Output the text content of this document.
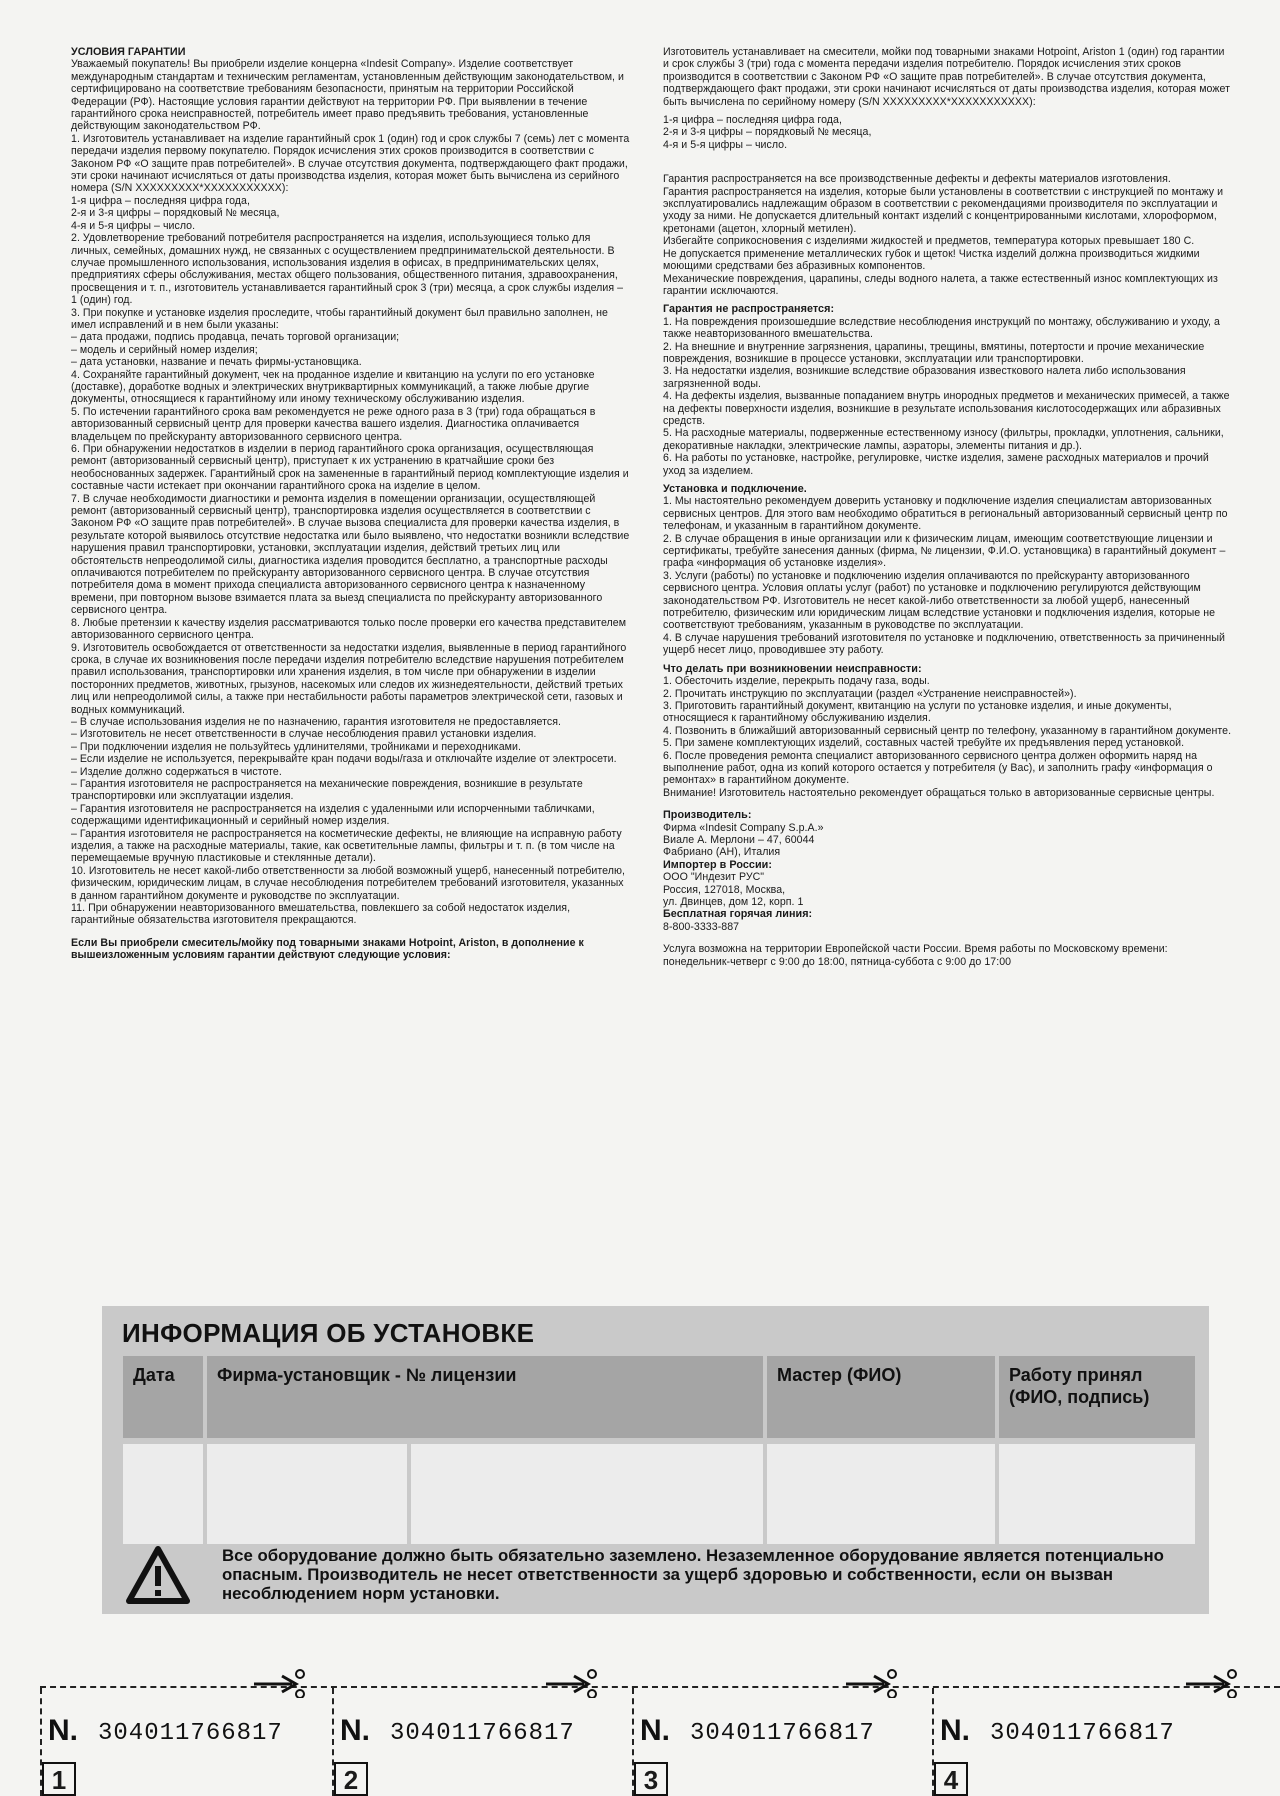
УСЛОВИЯ ГАРАНТИИ

Уважаемый покупатель! Вы приобрели изделие концерна «Indesit Company». Изделие соответствует международным стандартам и техническим регламентам, установленным действующим законодательством, и сертифицировано на соответствие требованиям безопасности, принятым на территории Российской Федерации (РФ). Настоящие условия гарантии действуют на территории РФ. При выявлении в течение гарантийного срока неисправностей, потребитель имеет право предъявить требования, установленные действующим законодательством РФ.

1. Изготовитель устанавливает на изделие гарантийный срок 1 (один) год и срок службы 7 (семь) лет с момента передачи изделия первому покупателю. Порядок исчисления этих сроков производится в соответствии с Законом РФ «О защите прав потребителей». В случае отсутствия документа, подтверждающего факт продажи, эти сроки начинают исчисляться от даты производства изделия, которая может быть вычислена из серийного номера (S/N XXXXXXXXX*XXXXXXXXXXX):
1-я цифра – последняя цифра года,
2-я и 3-я цифры – порядковый № месяца,
4-я и 5-я цифры – число.

2. Удовлетворение требований потребителя распространяется на изделия, использующиеся только для личных, семейных, домашних нужд, не связанных с осуществлением предпринимательской деятельности. В случае промышленного использования, использования изделия в офисах, в предпринимательских целях, предприятиях сферы обслуживания, местах общего пользования, общественного питания, здравоохранения, просвещения и т. п., изготовитель устанавливается гарантийный срок 3 (три) месяца, а срок службы изделия – 1 (один) год.

3. При покупке и установке изделия проследите, чтобы гарантийный документ был правильно заполнен, не имел исправлений и в нем были указаны:
– дата продажи, подпись продавца, печать торговой организации;
– модель и серийный номер изделия;
– дата установки, название и печать фирмы-установщика.

4. Сохраняйте гарантийный документ, чек на проданное изделие и квитанцию на услуги по его установке (доставке), доработке водных и электрических внутриквартирных коммуникаций, а также любые другие документы, относящиеся к гарантийному или иному техническому обслуживанию изделия.

5. По истечении гарантийного срока вам рекомендуется не реже одного раза в 3 (три) года обращаться в авторизованный сервисный центр для проверки качества вашего изделия. Диагностика оплачивается владельцем по прейскуранту авторизованного сервисного центра.

6. При обнаружении недостатков в изделии в период гарантийного срока организация, осуществляющая ремонт (авторизованный сервисный центр), приступает к их устранению в кратчайшие сроки без необоснованных задержек. Гарантийный срок на замененные в гарантийный период комплектующие изделия и составные части истекает при окончании гарантийного срока на изделие в целом.

7. В случае необходимости диагностики и ремонта изделия в помещении организации, осуществляющей ремонт (авторизованный сервисный центр), транспортировка изделия осуществляется в соответствии с Законом РФ «О защите прав потребителей». В случае вызова специалиста для проверки качества изделия, в результате которой выявилось отсутствие недостатка или было выявлено, что недостатки возникли вследствие нарушения правил транспортировки, установки, эксплуатации изделия, действий третьих лиц или обстоятельств непреодолимой силы, диагностика изделия проводится бесплатно, а транспортные расходы оплачиваются потребителем по прейскуранту авторизованного сервисного центра. В случае отсутствия потребителя дома в момент прихода специалиста авторизованного сервисного центра к назначенному времени, при повторном вызове взимается плата за выезд специалиста по прейскуранту авторизованного сервисного центра.

8. Любые претензии к качеству изделия рассматриваются только после проверки его качества представителем авторизованного сервисного центра.

9. Изготовитель освобождается от ответственности за недостатки изделия, выявленные в период гарантийного срока, в случае их возникновения после передачи изделия потребителю вследствие нарушения потребителем правил использования, транспортировки или хранения изделия, в том числе при обнаружении в изделии посторонних предметов, животных, грызунов, насекомых или следов их жизнедеятельности, действий третьих лиц или непреодолимой силы, а также при нестабильности работы параметров электрической сети, газовых и водных коммуникаций.
– В случае использования изделия не по назначению, гарантия изготовителя не предоставляется.
– Изготовитель не несет ответственности в случае несоблюдения правил установки изделия.
– При подключении изделия не пользуйтесь удлинителями, тройниками и переходниками.
– Если изделие не используется, перекрывайте кран подачи воды/газа и отключайте изделие от электросети.
– Изделие должно содержаться в чистоте.
– Гарантия изготовителя не распространяется на механические повреждения, возникшие в результате транспортировки или эксплуатации изделия.
– Гарантия изготовителя не распространяется на изделия с удаленными или испорченными табличками, содержащими идентификационный и серийный номер изделия.
– Гарантия изготовителя не распространяется на косметические дефекты, не влияющие на исправную работу изделия, а также на расходные материалы, такие, как осветительные лампы, фильтры и т. п. (в том числе на перемещаемые вручную пластиковые и стеклянные детали).

10. Изготовитель не несет какой-либо ответственности за любой возможный ущерб, нанесенный потребителю, физическим, юридическим лицам, в случае несоблюдения потребителем требований изготовителя, указанных в данном гарантийном документе и руководстве по эксплуатации.

11. При обнаружении неавторизованного вмешательства, повлекшего за собой недостаток изделия, гарантийные обязательства изготовителя прекращаются.

Если Вы приобрели смеситель/мойку под товарными знаками Hotpoint, Ariston, в дополнение к вышеизложенным условиям гарантии действуют следующие условия:

Изготовитель устанавливает на смесители, мойки под товарными знаками Hotpoint, Ariston 1 (один) год гарантии и срок службы 3 (три) года с момента передачи изделия потребителю. Порядок исчисления этих сроков производится в соответствии с Законом РФ «О защите прав потребителей». В случае отсутствия документа, подтверждающего факт продажи, эти сроки начинают исчисляться от даты производства изделия, которая может быть вычислена по серийному номеру (S/N XXXXXXXXX*XXXXXXXXXXX):

1-я цифра – последняя цифра года,
2-я и 3-я цифры – порядковый № месяца,
4-я и 5-я цифры – число.

Гарантия распространяется на все производственные дефекты и дефекты материалов изготовления.
Гарантия распространяется на изделия, которые были установлены в соответствии с инструкцией по монтажу и эксплуатировались надлежащим образом в соответствии с рекомендациями производителя по эксплуатации и уходу за ними. Не допускается длительный контакт изделий с концентрированными кислотами, хлороформом, кретонами (ацетон, хлорный метилен).
Избегайте соприкосновения с изделиями жидкостей и предметов, температура которых превышает 180 С.
Не допускается применение металлических губок и щеток! Чистка изделий должна производиться жидкими моющими средствами без абразивных компонентов.
Механические повреждения, царапины, следы водного налета, а также естественный износ комплектующих из гарантии исключаются.

Гарантия не распространяется:

1. На повреждения произошедшие вследствие несоблюдения инструкций по монтажу, обслуживанию и уходу, а также неавторизованного вмешательства.
2. На внешние и внутренние загрязнения, царапины, трещины, вмятины, потертости и прочие механические повреждения, возникшие в процессе установки, эксплуатации или транспортировки.
3. На недостатки изделия, возникшие вследствие образования известкового налета либо использования загрязненной воды.
4. На дефекты изделия, вызванные попаданием внутрь инородных предметов и механических примесей, а также на дефекты поверхности изделия, возникшие в результате использования кислотосодержащих или абразивных средств.
5. На расходные материалы, подверженные естественному износу (фильтры, прокладки, уплотнения, сальники, декоративные накладки, электрические лампы, аэраторы, элементы питания и др.).
6. На работы по установке, настройке, регулировке, чистке изделия, замене расходных материалов и прочий уход за изделием.

Установка и подключение.

1. Мы настоятельно рекомендуем доверить установку и подключение изделия специалистам авторизованных сервисных центров. Для этого вам необходимо обратиться в региональный авторизованный сервисный центр по телефонам, и указанным в гарантийном документе.
2. В случае обращения в иные организации или к физическим лицам, имеющим соответствующие лицензии и сертификаты, требуйте занесения данных (фирма, № лицензии, Ф.И.О. установщика) в гарантийный документ – графа «информация об установке изделия».
3. Услуги (работы) по установке и подключению изделия оплачиваются по прейскуранту авторизованного сервисного центра. Условия оплаты услуг (работ) по установке и подключению регулируются действующим законодательством РФ. Изготовитель не несет какой-либо ответственности за любой ущерб, нанесенный потребителю, физическим или юридическим лицам вследствие установки и подключения изделия, которые не соответствуют требованиям, указанным в руководстве по эксплуатации.
4. В случае нарушения требований изготовителя по установке и подключению, ответственность за причиненный ущерб несет лицо, проводившее эту работу.

Что делать при возникновении неисправности:

1. Обесточить изделие, перекрыть подачу газа, воды.
2. Прочитать инструкцию по эксплуатации (раздел «Устранение неисправностей»).
3. Приготовить гарантийный документ, квитанцию на услуги по установке изделия, и иные документы, относящиеся к гарантийному обслуживанию изделия.
4. Позвонить в ближайший авторизованный сервисный центр по телефону, указанному в гарантийном документе.
5. При замене комплектующих изделий, составных частей требуйте их предъявления перед установкой.
6. После проведения ремонта специалист авторизованного сервисного центра должен оформить наряд на выполнение работ, одна из копий которого остается у потребителя (у Вас), и заполнить графу «информация о ремонтах» в гарантийном документе.
Внимание! Изготовитель настоятельно рекомендует обращаться только в авторизованные сервисные центры.

Производитель:

Фирма «Indesit Company S.p.A.»
Виале А. Мерлони – 47, 60044
Фабриано (АН), Италия

Импортер в России:

ООО "Индезит РУС"
Россия, 127018, Москва,
ул. Двинцев, дом 12, корп. 1

Бесплатная горячая линия:

8-800-3333-887

Услуга возможна на территории Европейской части России. Время работы по Московскому времени: понедельник-четверг с 9:00 до 18:00, пятница-суббота с 9:00 до 17:00

ИНФОРМАЦИЯ ОБ УСТАНОВКЕ
Дата	Фирма-установщик - № лицензии	Мастер (ФИО)	Работу принял
(ФИО, подпись)
Все оборудование должно быть обязательно заземлено. Незаземленное оборудование является потенциально опасным. Производитель не несет ответственности за ущерб здоровью и собственности, если он вызван несоблюдением норм установки.
N. 304011766817
1
N. 304011766817
2
N. 304011766817
3
N. 304011766817
4
